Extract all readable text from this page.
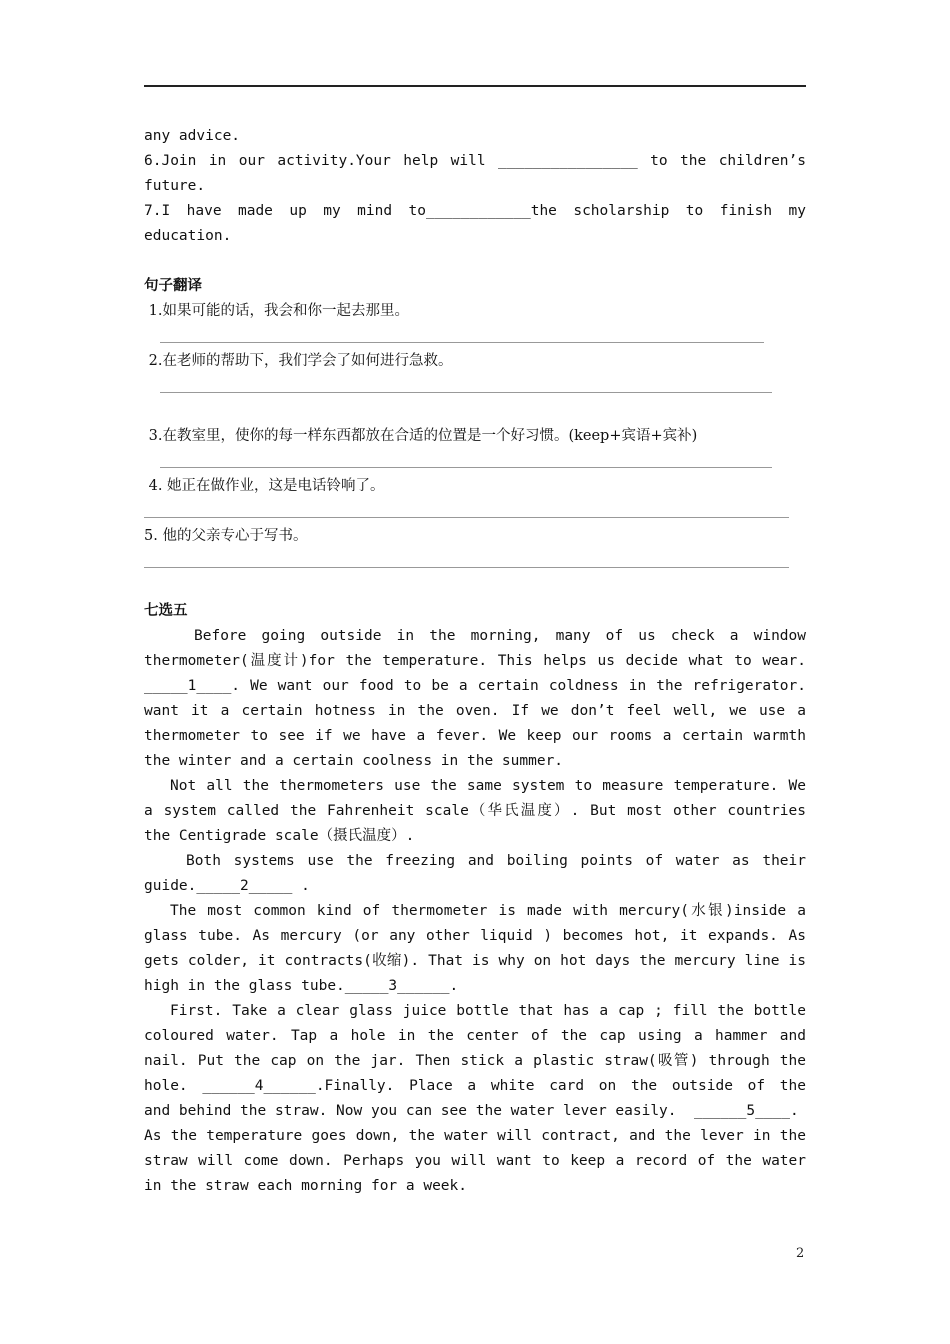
any advice.
6.Join in our activity.Your help will ________________ to the children’s
future.
7.I have made up my mind to____________the scholarship to finish my
education.
句子翻译
1.如果可能的话，我会和你一起去那里。
2.在老师的帮助下，我们学会了如何进行急救。
3.在教室里，使你的每一样东西都放在合适的位置是一个好习惯。(keep+宾语+宾补)
4. 她正在做作业，这是电话铃响了。
5. 他的父亲专心于写书。
七选五
Before going outside in the morning, many of us check a window
thermometer(温度计)for the temperature. This helps us decide what to wear.
_____1____. We want our food to be a certain coldness in the refrigerator.
want it a certain hotness in the oven. If we don’t feel well, we use a
thermometer to see if we have a fever. We keep our rooms a certain warmth
the winter and a certain coolness in the summer.
Not all the thermometers use the same system to measure temperature. We
a system called the Fahrenheit scale（华氏温度）. But most other countries
the Centigrade scale（摄氏温度）.
Both systems use the freezing and boiling points of water as their
guide._____2_____ .
The most common kind of thermometer is made with mercury(水银)inside a
glass tube. As mercury (or any other liquid ) becomes hot, it expands. As
gets colder, it contracts(收缩). That is why on hot days the mercury line is
high in the glass tube._____3______.
First. Take a clear glass juice bottle that has a cap ; fill the bottle
coloured water. Tap a hole in the center of the cap using a hammer and
nail. Put the cap on the jar. Then stick a plastic straw(吸管) through the
hole. ______4______.Finally. Place a white card on the outside of the
and behind the straw. Now you can see the water lever easily.  ______5____.
As the temperature goes down, the water will contract, and the lever in the
straw will come down. Perhaps you will want to keep a record of the water
in the straw each morning for a week.
2
